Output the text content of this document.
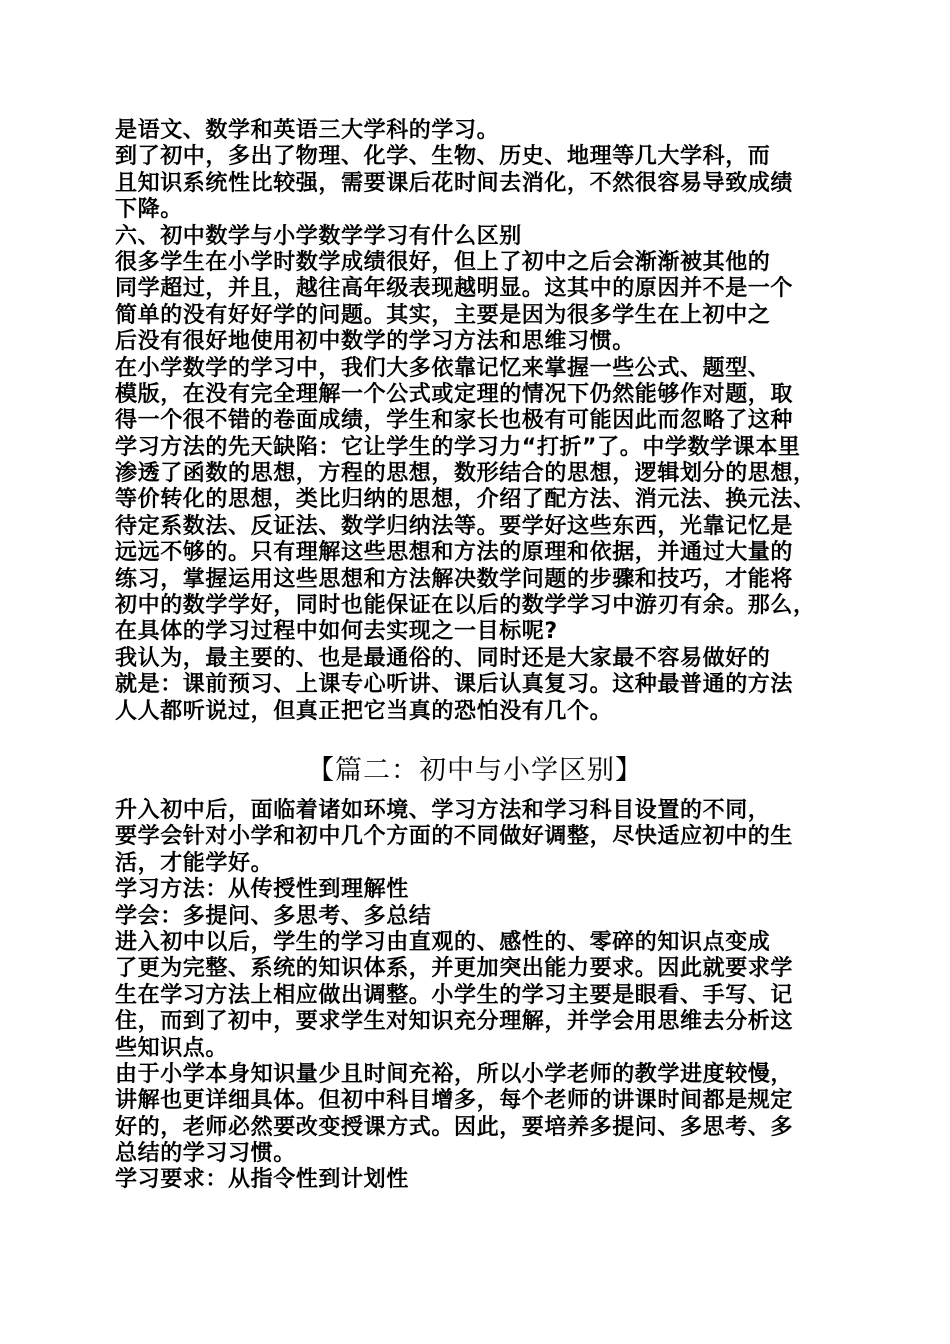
是语文、数学和英语三大学科的学习。
到了初中，多出了物理、化学、生物、历史、地理等几大学科，而
且知识系统性比较强，需要课后花时间去消化，不然很容易导致成绩
下降。
六、初中数学与小学数学学习有什么区别
很多学生在小学时数学成绩很好，但上了初中之后会渐渐被其他的
同学超过，并且，越往高年级表现越明显。这其中的原因并不是一个
简单的没有好好学的问题。其实，主要是因为很多学生在上初中之
后没有很好地使用初中数学的学习方法和思维习惯。
在小学数学的学习中，我们大多依靠记忆来掌握一些公式、题型、
模版，在没有完全理解一个公式或定理的情况下仍然能够作对题，取
得一个很不错的卷面成绩，学生和家长也极有可能因此而忽略了这种
学习方法的先天缺陷：它让学生的学习力“打折”了。中学数学课本里
渗透了函数的思想，方程的思想，数形结合的思想，逻辑划分的思想，
等价转化的思想，类比归纳的思想，介绍了配方法、消元法、换元法、
待定系数法、反证法、数学归纳法等。要学好这些东西，光靠记忆是
远远不够的。只有理解这些思想和方法的原理和依据，并通过大量的
练习，掌握运用这些思想和方法解决数学问题的步骤和技巧，才能将
初中的数学学好，同时也能保证在以后的数学学习中游刃有余。那么，
在具体的学习过程中如何去实现之一目标呢?
我认为，最主要的、也是最通俗的、同时还是大家最不容易做好的
就是：课前预习、上课专心听讲、课后认真复习。这种最普通的方法
人人都听说过，但真正把它当真的恐怕没有几个。
【篇二：初中与小学区别】
升入初中后，面临着诸如环境、学习方法和学习科目设置的不同，
要学会针对小学和初中几个方面的不同做好调整，尽快适应初中的生
活，才能学好。
学习方法：从传授性到理解性
学会：多提问、多思考、多总结
进入初中以后，学生的学习由直观的、感性的、零碎的知识点变成
了更为完整、系统的知识体系，并更加突出能力要求。因此就要求学
生在学习方法上相应做出调整。小学生的学习主要是眼看、手写、记
住，而到了初中，要求学生对知识充分理解，并学会用思维去分析这
些知识点。
由于小学本身知识量少且时间充裕，所以小学老师的教学进度较慢，
讲解也更详细具体。但初中科目增多，每个老师的讲课时间都是规定
好的，老师必然要改变授课方式。因此，要培养多提问、多思考、多
总结的学习习惯。
学习要求：从指令性到计划性
